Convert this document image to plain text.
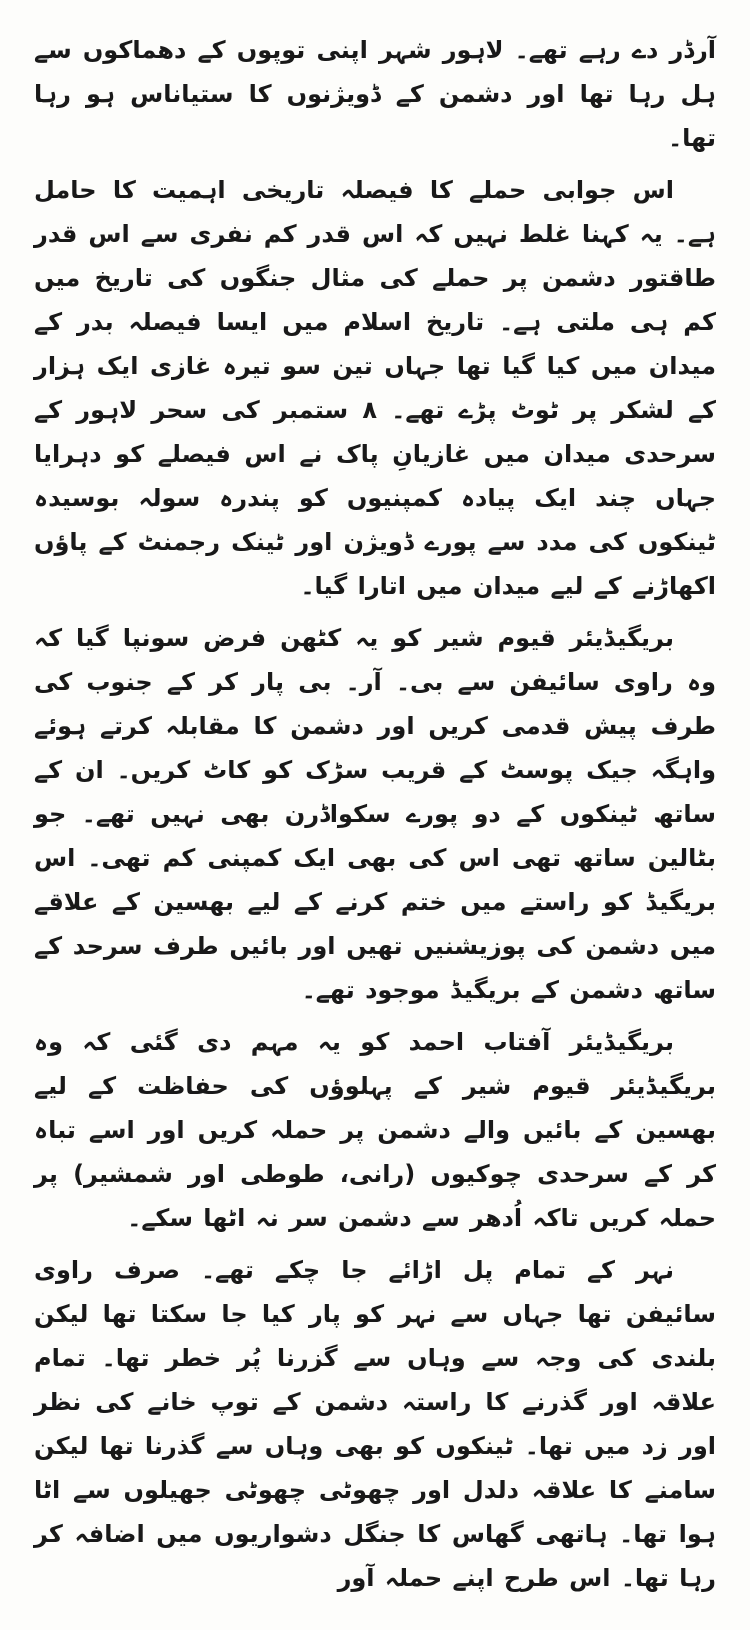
آرڈر دے رہے تھے۔ لاہور شہر اپنی توپوں کے دھماکوں سے ہل رہا تھا اور دشمن کے ڈویژنوں کا ستیاناس ہو رہا تھا۔

اس جوابی حملے کا فیصلہ تاریخی اہمیت کا حامل ہے۔ یہ کہنا غلط نہیں کہ اس قدر کم نفری سے اس قدر طاقتور دشمن پر حملے کی مثال جنگوں کی تاریخ میں کم ہی ملتی ہے۔ تاریخ اسلام میں ایسا فیصلہ بدر کے میدان میں کیا گیا تھا جہاں تین سو تیرہ غازی ایک ہزار کے لشکر پر ٹوٹ پڑے تھے۔ ۸ ستمبر کی سحر لاہور کے سرحدی میدان میں غازیانِ پاک نے اس فیصلے کو دہرایا جہاں چند ایک پیادہ کمپنیوں کو پندرہ سولہ بوسیدہ ٹینکوں کی مدد سے پورے ڈویژن اور ٹینک رجمنٹ کے پاؤں اکھاڑنے کے لیے میدان میں اتارا گیا۔

بریگیڈیئر قیوم شیر کو یہ کٹھن فرض سونپا گیا کہ وہ راوی سائیفن سے بی۔ آر۔ بی پار کر کے جنوب کی طرف پیش قدمی کریں اور دشمن کا مقابلہ کرتے ہوئے واہگہ جیک پوسٹ کے قریب سڑک کو کاٹ کریں۔ ان کے ساتھ ٹینکوں کے دو پورے سکواڈرن بھی نہیں تھے۔ جو بٹالین ساتھ تھی اس کی بھی ایک کمپنی کم تھی۔ اس بریگیڈ کو راستے میں ختم کرنے کے لیے بھسین کے علاقے میں دشمن کی پوزیشنیں تھیں اور بائیں طرف سرحد کے ساتھ دشمن کے بریگیڈ موجود تھے۔

بریگیڈیئر آفتاب احمد کو یہ مہم دی گئی کہ وہ بریگیڈیئر قیوم شیر کے پہلوؤں کی حفاظت کے لیے بھسین کے بائیں والے دشمن پر حملہ کریں اور اسے تباہ کر کے سرحدی چوکیوں (رانی، طوطی اور شمشیر) پر حملہ کریں تاکہ اُدھر سے دشمن سر نہ اٹھا سکے۔

نہر کے تمام پل اڑائے جا چکے تھے۔ صرف راوی سائیفن تھا جہاں سے نہر کو پار کیا جا سکتا تھا لیکن بلندی کی وجہ سے وہاں سے گزرنا پُر خطر تھا۔ تمام علاقہ اور گذرنے کا راستہ دشمن کے توپ خانے کی نظر اور زد میں تھا۔ ٹینکوں کو بھی وہاں سے گذرنا تھا لیکن سامنے کا علاقہ دلدل اور چھوٹی چھوٹی جھیلوں سے اٹا ہوا تھا۔ ہاتھی گھاس کا جنگل دشواریوں میں اضافہ کر رہا تھا۔ اس طرح اپنے حملہ آور
